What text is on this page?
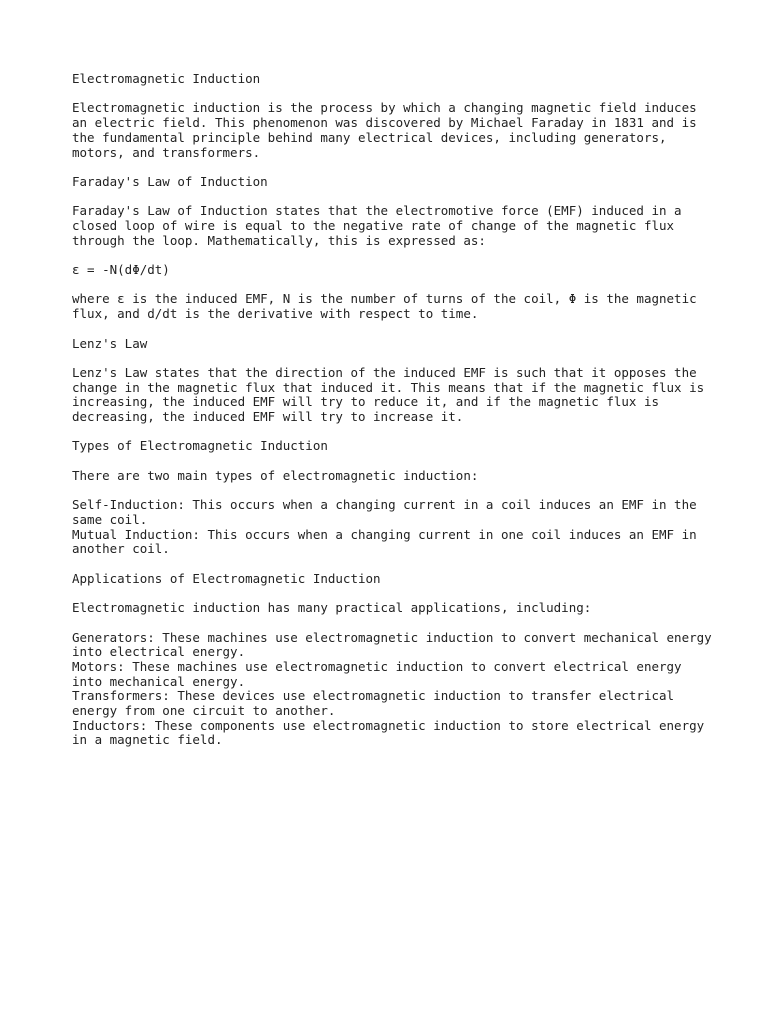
Electromagnetic Induction

Electromagnetic induction is the process by which a changing magnetic field induces an electric field. This phenomenon was discovered by Michael Faraday in 1831 and is the fundamental principle behind many electrical devices, including generators, motors, and transformers.

Faraday's Law of Induction

Faraday's Law of Induction states that the electromotive force (EMF) induced in a closed loop of wire is equal to the negative rate of change of the magnetic flux through the loop. Mathematically, this is expressed as:

ε = -N(dΦ/dt)

where ε is the induced EMF, N is the number of turns of the coil, Φ is the magnetic flux, and d/dt is the derivative with respect to time.

Lenz's Law

Lenz's Law states that the direction of the induced EMF is such that it opposes the change in the magnetic flux that induced it. This means that if the magnetic flux is increasing, the induced EMF will try to reduce it, and if the magnetic flux is decreasing, the induced EMF will try to increase it.

Types of Electromagnetic Induction

There are two main types of electromagnetic induction:

Self-Induction: This occurs when a changing current in a coil induces an EMF in the same coil.
Mutual Induction: This occurs when a changing current in one coil induces an EMF in another coil.

Applications of Electromagnetic Induction

Electromagnetic induction has many practical applications, including:

Generators: These machines use electromagnetic induction to convert mechanical energy into electrical energy.
Motors: These machines use electromagnetic induction to convert electrical energy into mechanical energy.
Transformers: These devices use electromagnetic induction to transfer electrical energy from one circuit to another.
Inductors: These components use electromagnetic induction to store electrical energy in a magnetic field.
